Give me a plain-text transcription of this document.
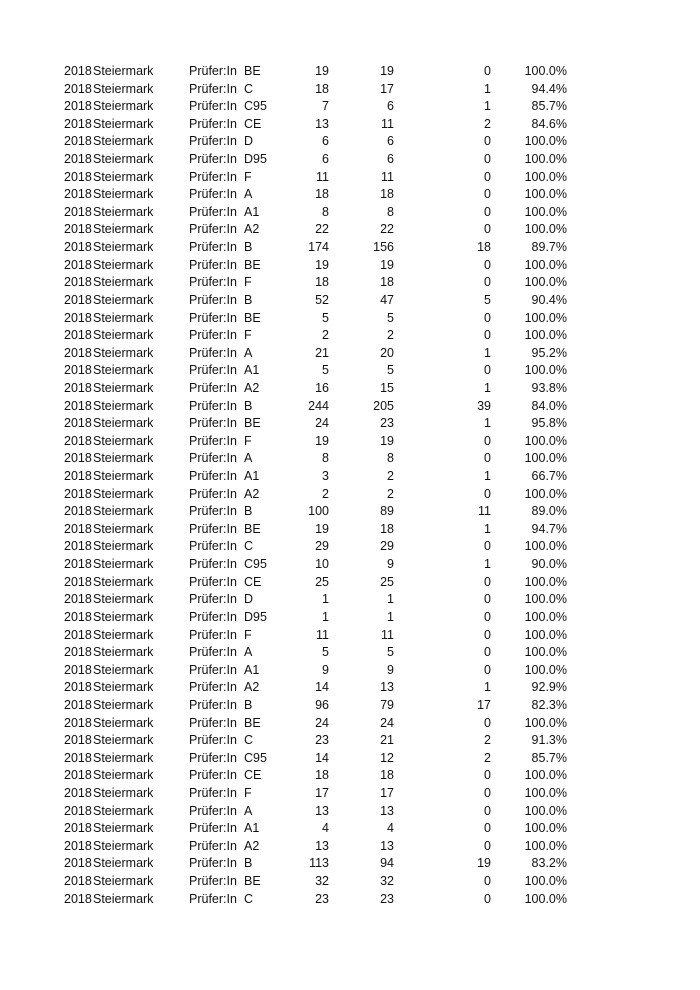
2018 Steiermark	Prüfer:In BE	19	19	0	100.0%
2018 Steiermark	Prüfer:In C	18	17	1	94.4%
2018 Steiermark	Prüfer:In C95	7	6	1	85.7%
2018 Steiermark	Prüfer:In CE	13	11	2	84.6%
2018 Steiermark	Prüfer:In D	6	6	0	100.0%
2018 Steiermark	Prüfer:In D95	6	6	0	100.0%
2018 Steiermark	Prüfer:In F	11	11	0	100.0%
2018 Steiermark	Prüfer:In A	18	18	0	100.0%
2018 Steiermark	Prüfer:In A1	8	8	0	100.0%
2018 Steiermark	Prüfer:In A2	22	22	0	100.0%
2018 Steiermark	Prüfer:In B	174	156	18	89.7%
2018 Steiermark	Prüfer:In BE	19	19	0	100.0%
2018 Steiermark	Prüfer:In F	18	18	0	100.0%
2018 Steiermark	Prüfer:In B	52	47	5	90.4%
2018 Steiermark	Prüfer:In BE	5	5	0	100.0%
2018 Steiermark	Prüfer:In F	2	2	0	100.0%
2018 Steiermark	Prüfer:In A	21	20	1	95.2%
2018 Steiermark	Prüfer:In A1	5	5	0	100.0%
2018 Steiermark	Prüfer:In A2	16	15	1	93.8%
2018 Steiermark	Prüfer:In B	244	205	39	84.0%
2018 Steiermark	Prüfer:In BE	24	23	1	95.8%
2018 Steiermark	Prüfer:In F	19	19	0	100.0%
2018 Steiermark	Prüfer:In A	8	8	0	100.0%
2018 Steiermark	Prüfer:In A1	3	2	1	66.7%
2018 Steiermark	Prüfer:In A2	2	2	0	100.0%
2018 Steiermark	Prüfer:In B	100	89	11	89.0%
2018 Steiermark	Prüfer:In BE	19	18	1	94.7%
2018 Steiermark	Prüfer:In C	29	29	0	100.0%
2018 Steiermark	Prüfer:In C95	10	9	1	90.0%
2018 Steiermark	Prüfer:In CE	25	25	0	100.0%
2018 Steiermark	Prüfer:In D	1	1	0	100.0%
2018 Steiermark	Prüfer:In D95	1	1	0	100.0%
2018 Steiermark	Prüfer:In F	11	11	0	100.0%
2018 Steiermark	Prüfer:In A	5	5	0	100.0%
2018 Steiermark	Prüfer:In A1	9	9	0	100.0%
2018 Steiermark	Prüfer:In A2	14	13	1	92.9%
2018 Steiermark	Prüfer:In B	96	79	17	82.3%
2018 Steiermark	Prüfer:In BE	24	24	0	100.0%
2018 Steiermark	Prüfer:In C	23	21	2	91.3%
2018 Steiermark	Prüfer:In C95	14	12	2	85.7%
2018 Steiermark	Prüfer:In CE	18	18	0	100.0%
2018 Steiermark	Prüfer:In F	17	17	0	100.0%
2018 Steiermark	Prüfer:In A	13	13	0	100.0%
2018 Steiermark	Prüfer:In A1	4	4	0	100.0%
2018 Steiermark	Prüfer:In A2	13	13	0	100.0%
2018 Steiermark	Prüfer:In B	113	94	19	83.2%
2018 Steiermark	Prüfer:In BE	32	32	0	100.0%
2018 Steiermark	Prüfer:In C	23	23	0	100.0%
